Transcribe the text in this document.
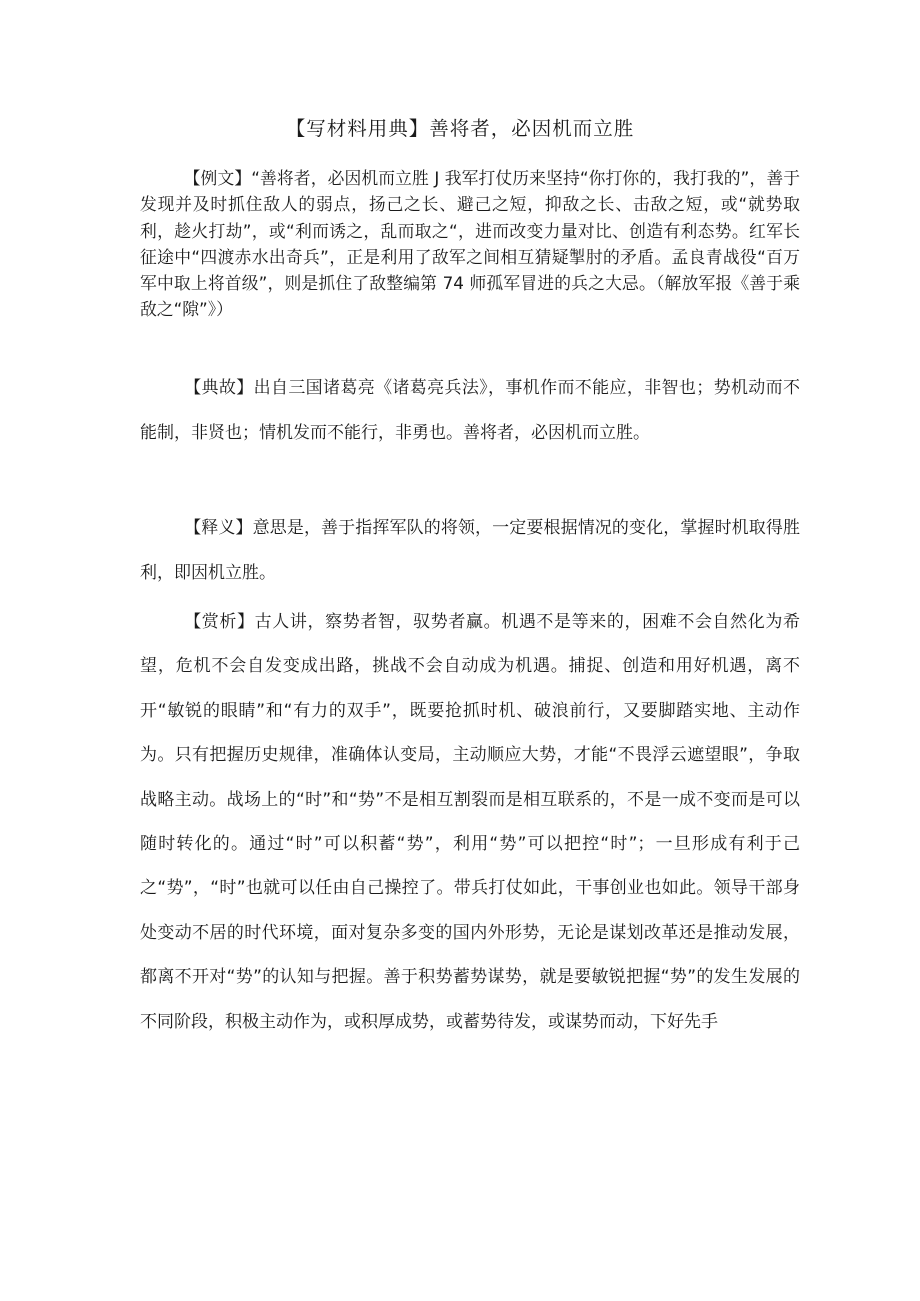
【写材料用典】善将者，必因机而立胜

【例文】“善将者，必因机而立胜 J 我军打仗历来坚持“你打你的，我打我的”，善于发现并及时抓住敌人的弱点，扬己之长、避己之短，抑敌之长、击敌之短，或“就势取利，趁火打劫”，或“利而诱之，乱而取之“，进而改变力量对比、创造有利态势。红军长征途中“四渡赤水出奇兵”，正是利用了敌军之间相互猜疑掣肘的矛盾。孟良青战役“百万军中取上将首级”，则是抓住了敌整编第 74 师孤军冒进的兵之大忌。（解放军报《善于乘敌之“隙”》）

【典故】出自三国诸葛亮《诸葛亮兵法》，事机作而不能应，非智也；势机动而不能制，非贤也；情机发而不能行，非勇也。善将者，必因机而立胜。

【释义】意思是，善于指挥军队的将领，一定要根据情况的变化，掌握时机取得胜利，即因机立胜。

【赏析】古人讲，察势者智，驭势者赢。机遇不是等来的，困难不会自然化为希望，危机不会自发变成出路，挑战不会自动成为机遇。捕捉、创造和用好机遇，离不开“敏锐的眼睛”和“有力的双手”，既要抢抓时机、破浪前行，又要脚踏实地、主动作为。只有把握历史规律，准确体认变局，主动顺应大势，才能“不畏浮云遮望眼”，争取战略主动。战场上的“时”和“势”不是相互割裂而是相互联系的，不是一成不变而是可以随时转化的。通过“时”可以积蓄“势”，利用“势”可以把控“时”；一旦形成有利于己之“势”，“时”也就可以任由自己操控了。带兵打仗如此，干事创业也如此。领导干部身处变动不居的时代环境，面对复杂多变的国内外形势，无论是谋划改革还是推动发展，都离不开对“势”的认知与把握。善于积势蓄势谋势，就是要敏锐把握“势”的发生发展的不同阶段，积极主动作为，或积厚成势，或蓄势待发，或谋势而动，下好先手
